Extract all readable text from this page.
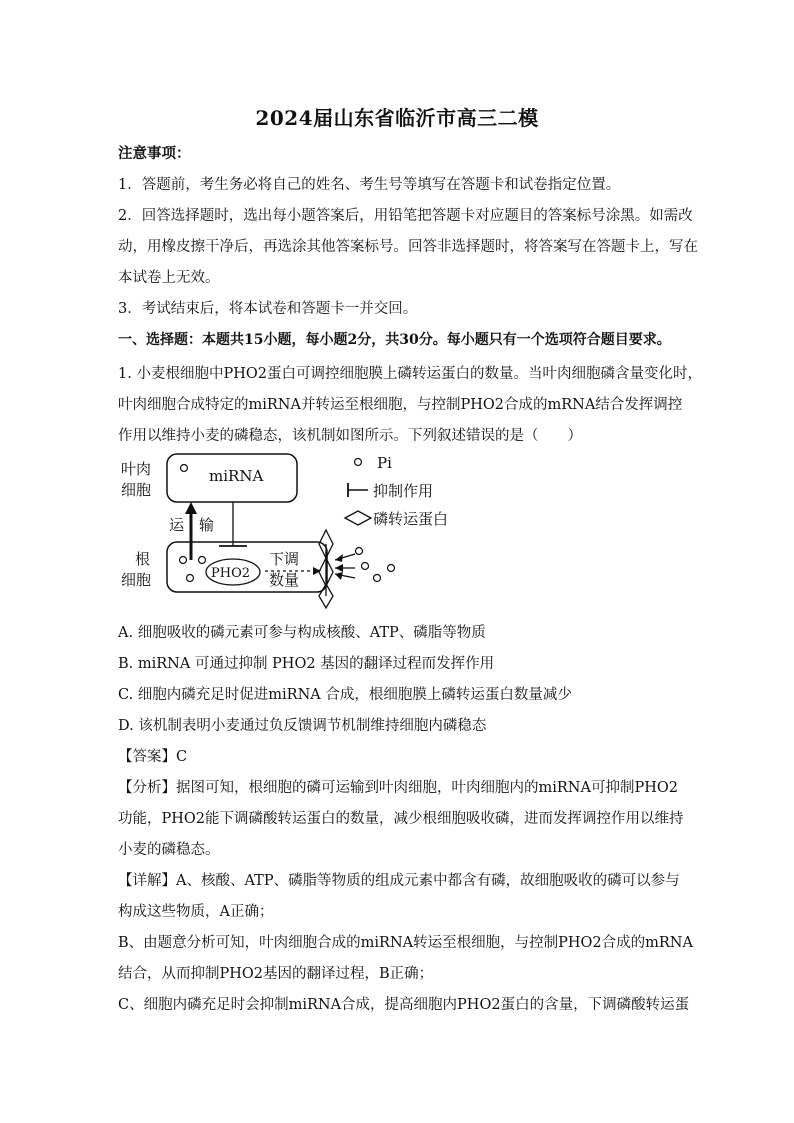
2024届山东省临沂市高三二模
注意事项：
1．答题前，考生务必将自己的姓名、考生号等填写在答题卡和试卷指定位置。
2．回答选择题时，选出每小题答案后，用铅笔把答题卡对应题目的答案标号涂黑。如需改
动，用橡皮擦干净后，再选涂其他答案标号。回答非选择题时，将答案写在答题卡上，写在
本试卷上无效。
3．考试结束后，将本试卷和答题卡一并交回。
一、选择题：本题共15小题，每小题2分，共30分。每小题只有一个选项符合题目要求。
1. 小麦根细胞中PHO2蛋白可调控细胞膜上磷转运蛋白的数量。当叶肉细胞磷含量变化时，
叶肉细胞合成特定的miRNA并转运至根细胞，与控制PHO2合成的mRNA结合发挥调控
作用以维持小麦的磷稳态，该机制如图所示。下列叙述错误的是（　　）
叶肉
细胞
miRNA
运　输
根
细胞	PHO2
下调
数量
Pi
抑制作用
磷转运蛋白
A. 细胞吸收的磷元素可参与构成核酸、ATP、磷脂等物质
B. miRNA 可通过抑制 PHO2 基因的翻译过程而发挥作用
C. 细胞内磷充足时促进miRNA 合成，根细胞膜上磷转运蛋白数量减少
D. 该机制表明小麦通过负反馈调节机制维持细胞内磷稳态
【答案】C
【分析】据图可知，根细胞的磷可运输到叶肉细胞，叶肉细胞内的miRNA可抑制PHO2
功能，PHO2能下调磷酸转运蛋白的数量，减少根细胞吸收磷，进而发挥调控作用以维持
小麦的磷稳态。
【详解】A、核酸、ATP、磷脂等物质的组成元素中都含有磷，故细胞吸收的磷可以参与
构成这些物质，A正确；
B、由题意分析可知，叶肉细胞合成的miRNA转运至根细胞，与控制PHO2合成的mRNA
结合，从而抑制PHO2基因的翻译过程，B正确；
C、细胞内磷充足时会抑制miRNA合成，提高细胞内PHO2蛋白的含量，下调磷酸转运蛋
